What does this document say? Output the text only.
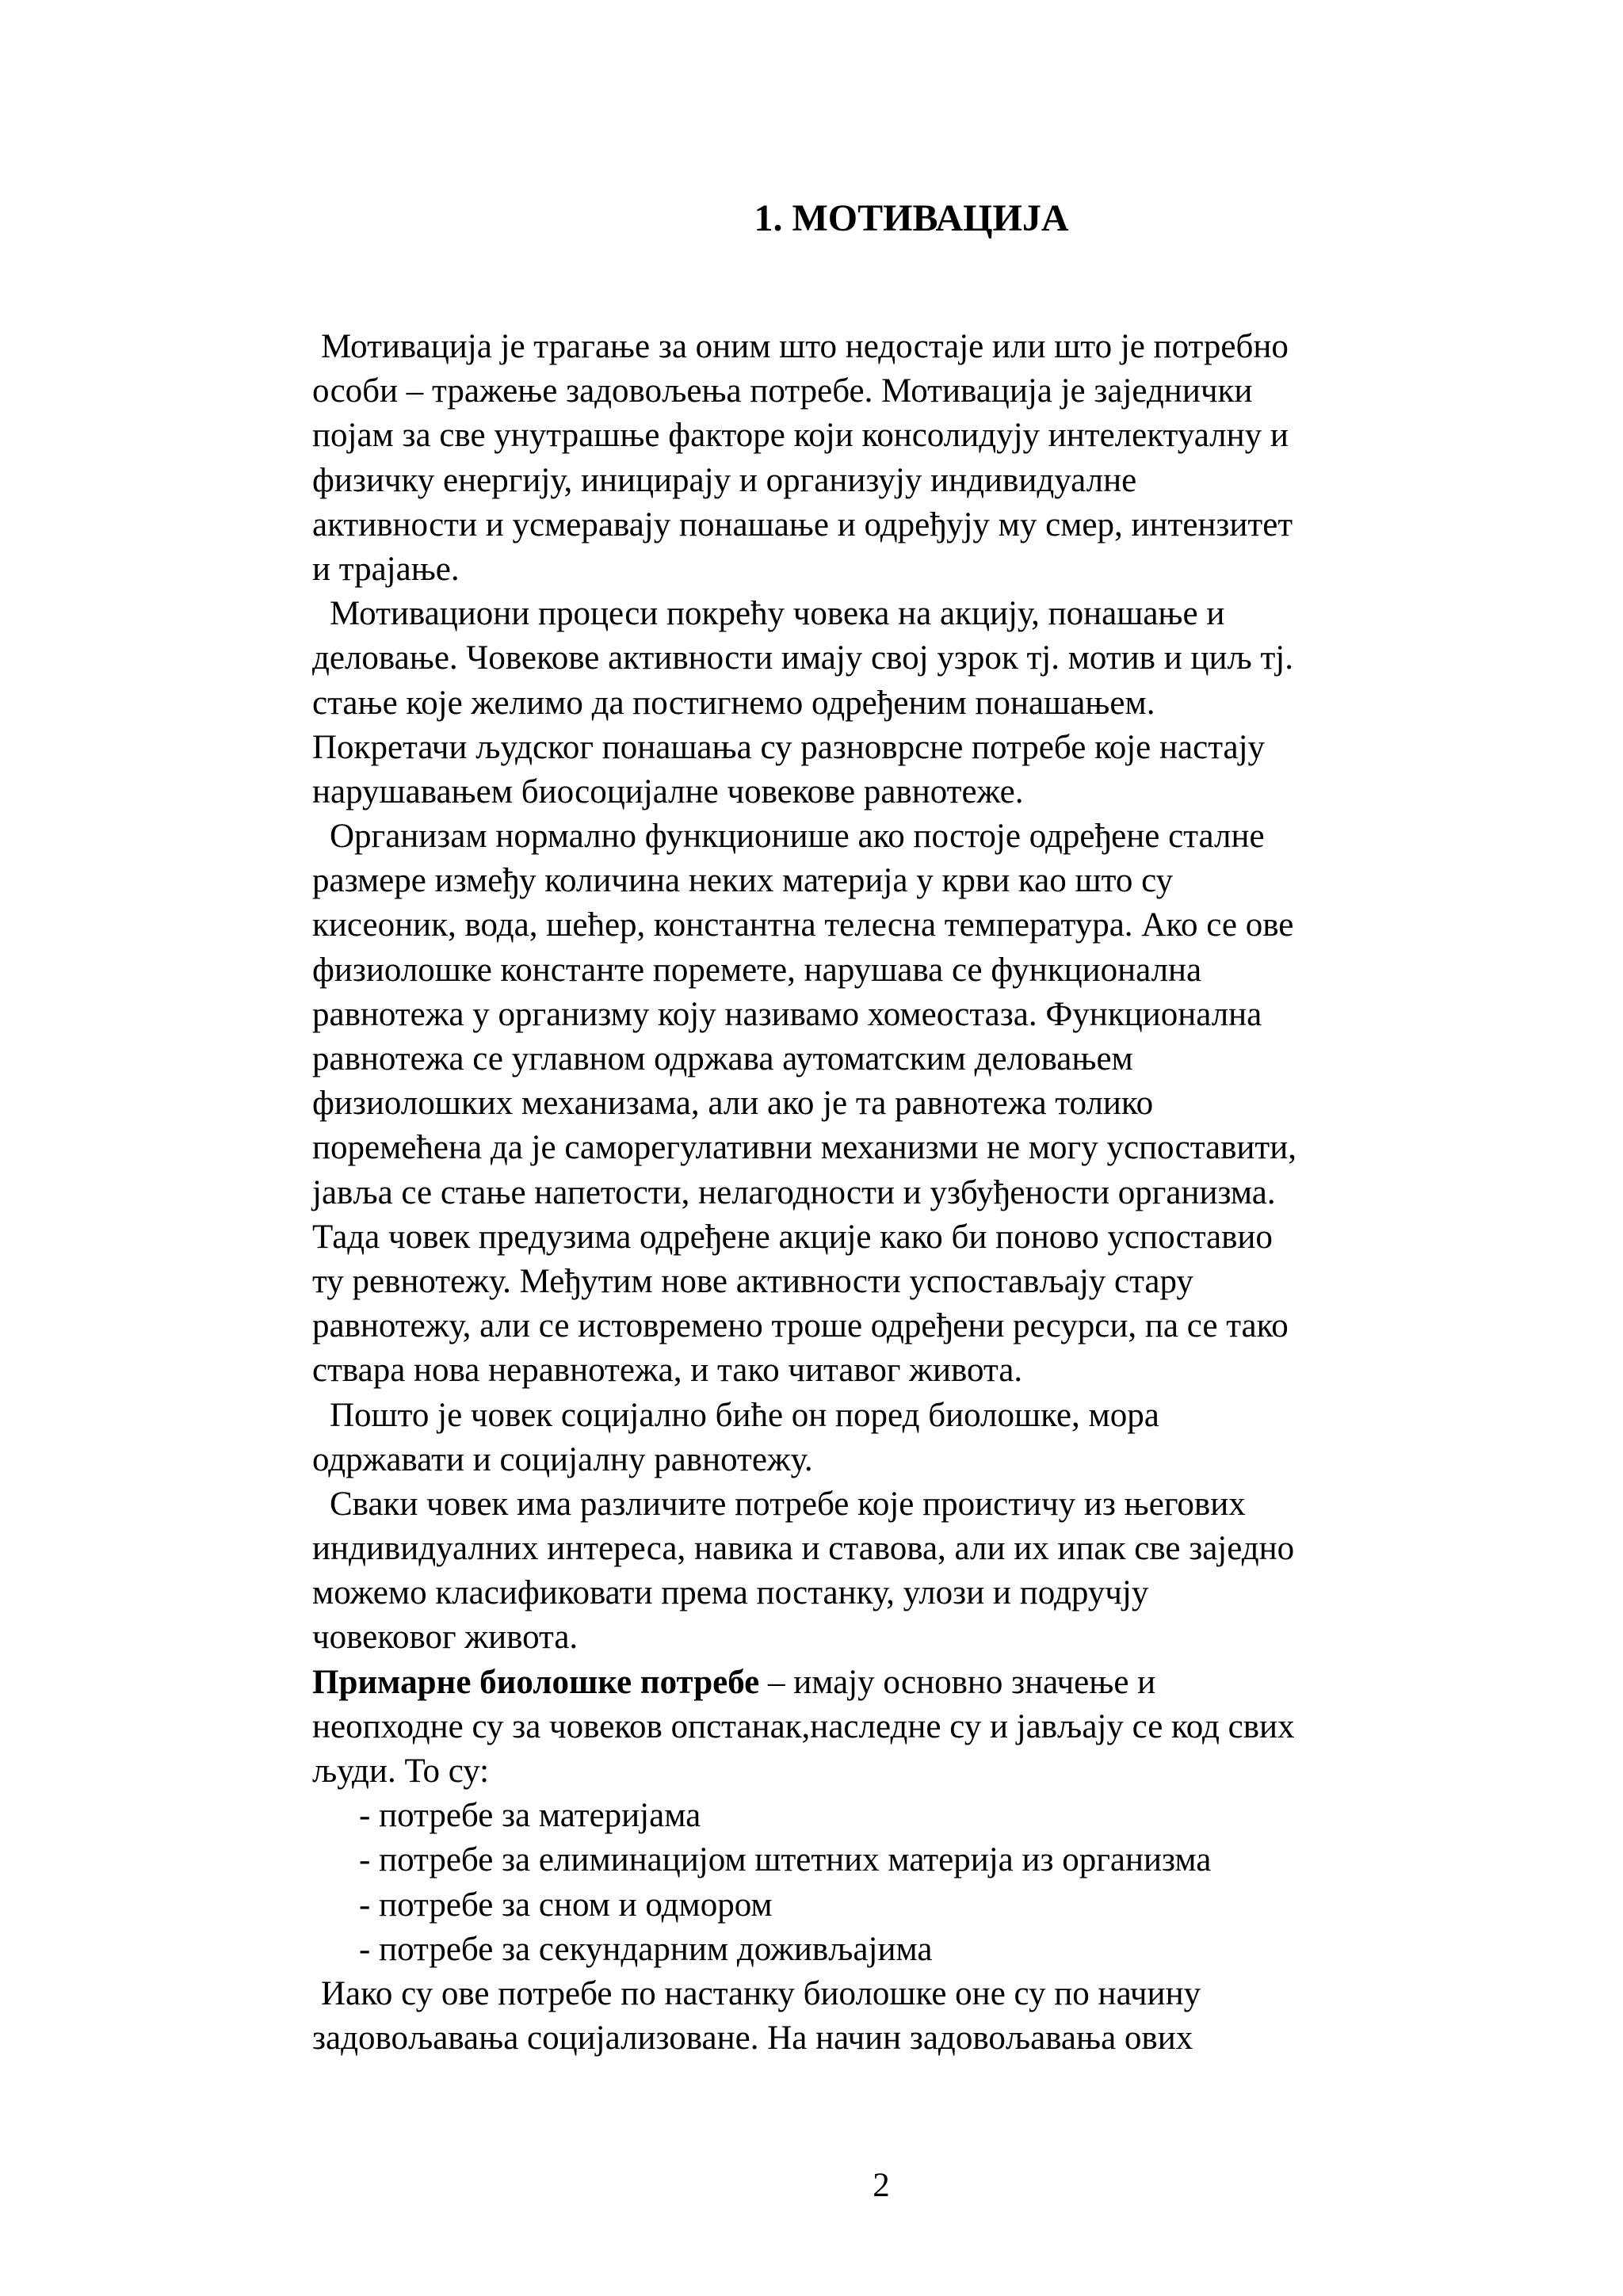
1. МОТИВАЦИЈА
Мотивација је трагање за оним што недостаје или што је потребно
особи – тражење задовољења потребе. Мотивација је заједнички
појам за све унутрашње факторе који консолидују интелектуалну и
физичку енергију, иницирају и организују индивидуалне
активности и усмеравају понашање и одређују му смер, интензитет
и трајање.
Мотивациони процеси покрећу човека на акцију, понашање и
деловање. Човекове активности имају свој узрок тј. мотив и циљ тј.
стање које желимо да постигнемо одређеним понашањем.
Покретачи људског понашања су разноврсне потребе које настају
нарушавањем биосоцијалне човекове равнотеже.
Организам нормално функционише ако постоје одређене сталне
размере између количина неких материја у крви као што су
кисеоник, вода, шећер, константна телесна температура. Ако се ове
физиолошке константе поремете, нарушава се функционална
равнотежа у организму коју називамо хомеостаза. Функционална
равнотежа се углавном одржава аутоматским деловањем
физиолошких механизама, али ако је та равнотежа толико
поремећена да је саморегулативни механизми не могу успоставити,
јавља се стање напетости, нелагодности и узбуђености организма.
Тада човек предузима одређене акције како би поново успоставио
ту ревнотежу. Међутим нове активности успостављају стару
равнотежу, али се истовремено троше одређени ресурси, па се тако
ствара нова неравнотежа, и тако читавог живота.
Пошто је човек социјално биће он поред биолошке, мора
одржавати и социјалну равнотежу.
Сваки човек има различите потребе које проистичу из његових
индивидуалних интереса, навика и ставова, али их ипак све заједно
можемо класификовати према постанку, улози и подручју
човековог живота.
Примарне биолошке потребе – имају основно значење и
неопходне су за човеков опстанак,наследне су и јављају се код свих
људи. То су:
- потребе за материјама
- потребе за елиминацијом штетних материја из организма
- потребе за сном и одмором
- потребе за секундарним доживљајима
Иако су ове потребе по настанку биолошке оне су по начину
задовољавања социјализоване. На начин задовољавања ових
2
